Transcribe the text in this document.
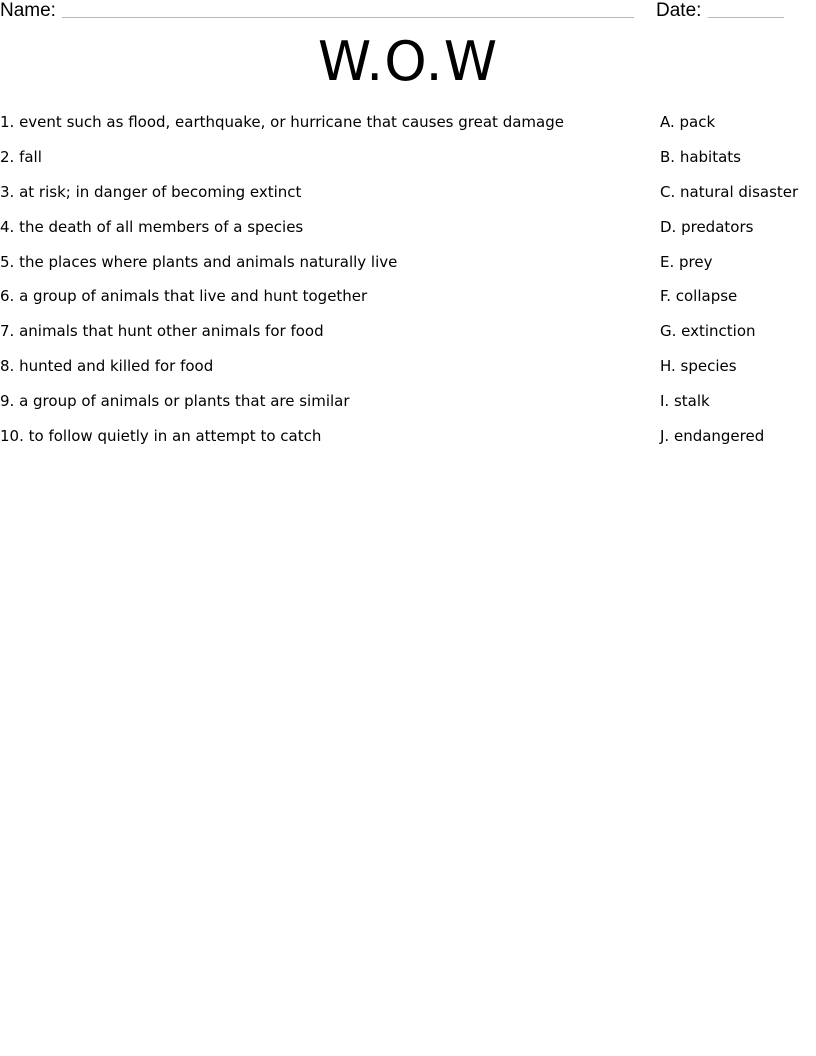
Name:	Date:
W.O.W
1. event such as flood, earthquake, or hurricane that causes great damage	A. pack
2. fall	B. habitats
3. at risk; in danger of becoming extinct	C. natural disaster
4. the death of all members of a species	D. predators
5. the places where plants and animals naturally live	E. prey
6. a group of animals that live and hunt together	F. collapse
7. animals that hunt other animals for food	G. extinction
8. hunted and killed for food	H. species
9. a group of animals or plants that are similar	I. stalk
10. to follow quietly in an attempt to catch	J. endangered
